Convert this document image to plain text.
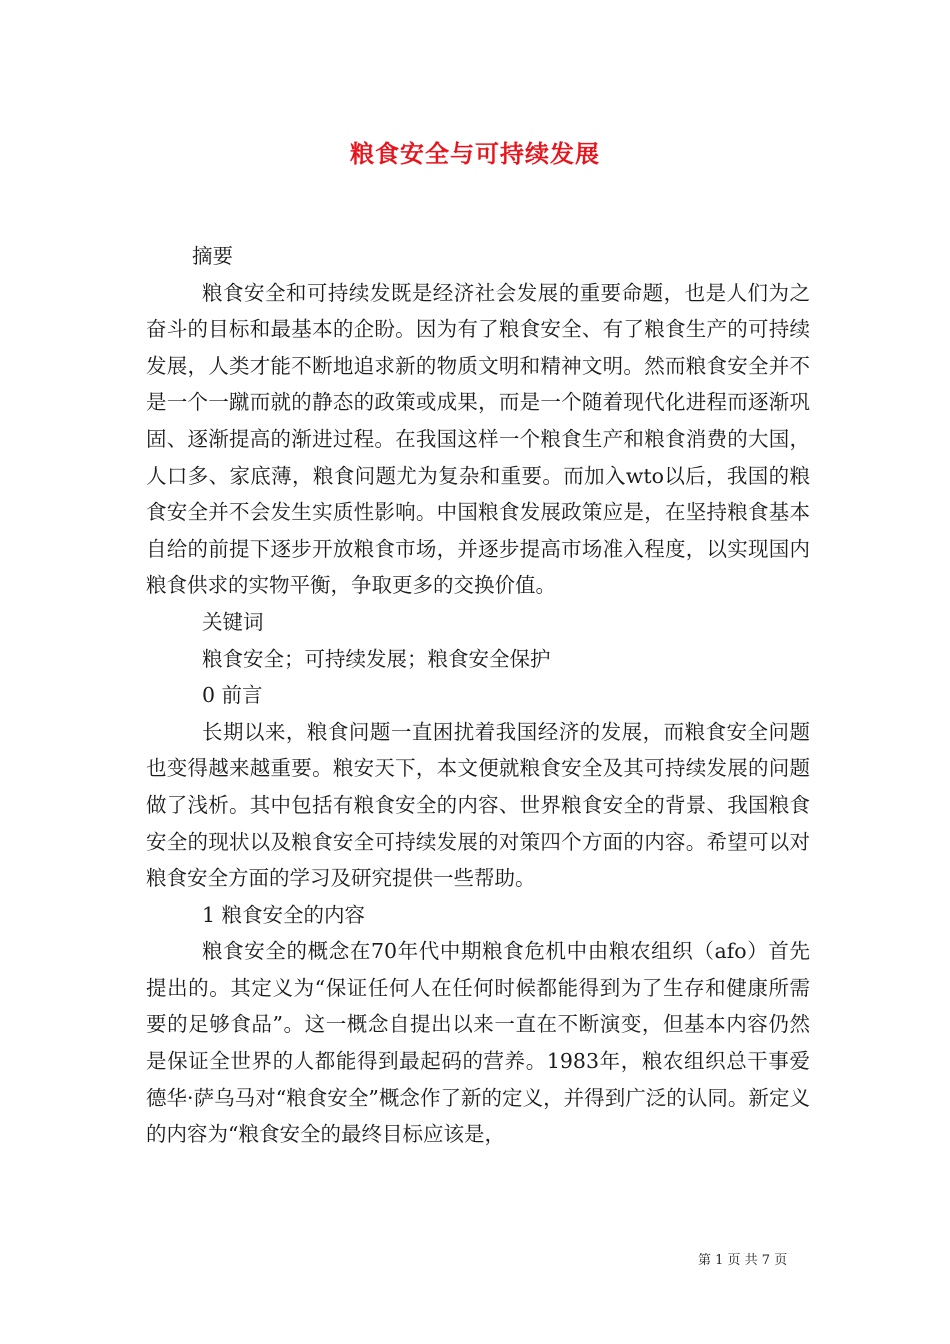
粮食安全与可持续发展

摘要

粮食安全和可持续发既是经济社会发展的重要命题，也是人们为之奋斗的目标和最基本的企盼。因为有了粮食安全、有了粮食生产的可持续发展，人类才能不断地追求新的物质文明和精神文明。然而粮食安全并不是一个一蹴而就的静态的政策或成果，而是一个随着现代化进程而逐渐巩固、逐渐提高的渐进过程。在我国这样一个粮食生产和粮食消费的大国，人口多、家底薄，粮食问题尤为复杂和重要。而加入wto以后，我国的粮食安全并不会发生实质性影响。中国粮食发展政策应是，在坚持粮食基本自给的前提下逐步开放粮食市场，并逐步提高市场准入程度，以实现国内粮食供求的实物平衡，争取更多的交换价值。

关键词

粮食安全；可持续发展；粮食安全保护

0 前言

长期以来，粮食问题一直困扰着我国经济的发展，而粮食安全问题也变得越来越重要。粮安天下，本文便就粮食安全及其可持续发展的问题做了浅析。其中包括有粮食安全的内容、世界粮食安全的背景、我国粮食安全的现状以及粮食安全可持续发展的对策四个方面的内容。希望可以对粮食安全方面的学习及研究提供一些帮助。

1 粮食安全的内容

粮食安全的概念在70年代中期粮食危机中由粮农组织（afo）首先提出的。其定义为“保证任何人在任何时候都能得到为了生存和健康所需要的足够食品”。这一概念自提出以来一直在不断演变，但基本内容仍然是保证全世界的人都能得到最起码的营养。1983年，粮农组织总干事爱德华·萨乌马对“粮食安全”概念作了新的定义，并得到广泛的认同。新定义的内容为“粮食安全的最终目标应该是，

第 1 页 共 7 页
